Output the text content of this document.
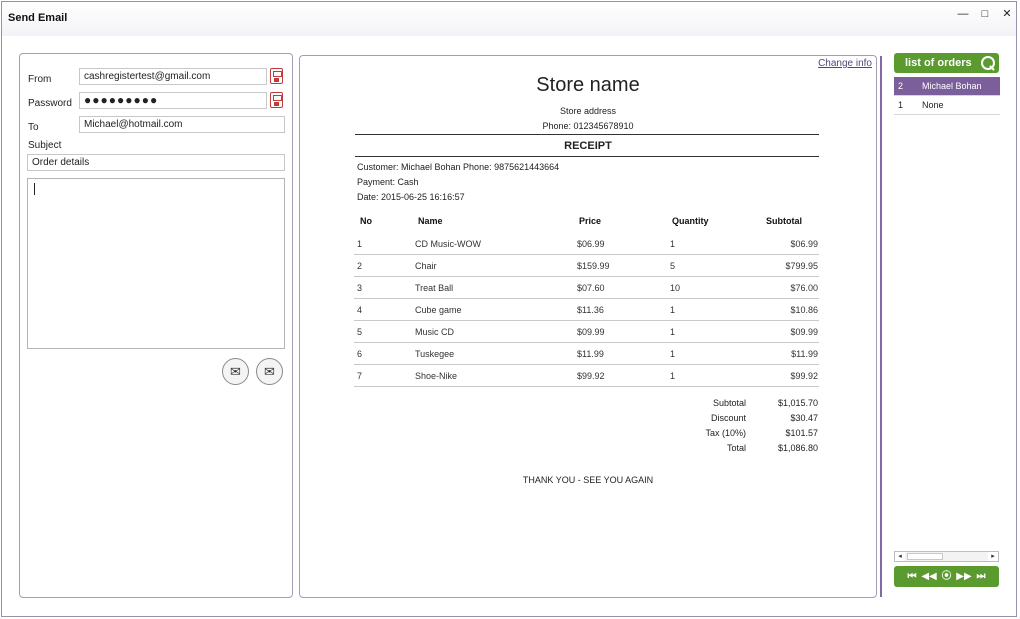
Send Email	—	□	✕
From	cashregistertest@gmail.com
Password	●●●●●●●●●
To	Michael@hotmail.com
Subject
Order details
✉	✉
Change info
Store name
Store address
Phone: 012345678910
RECEIPT
Customer: Michael Bohan Phone: 9875621443664
Payment: Cash
Date: 2015-06-25 16:16:57
No	Name	Price	Quantity	Subtotal
1	CD Music-WOW	$06.99	1	$06.99
2	Chair	$159.99	5	$799.95
3	Treat Ball	$07.60	10	$76.00
4	Cube game	$11.36	1	$10.86
5	Music CD	$09.99	1	$09.99
6	Tuskegee	$11.99	1	$11.99
7	Shoe-Nike	$99.92	1	$99.92
Subtotal	$1,015.70
Discount	$30.47
Tax (10%)	$101.57
Total	$1,086.80
THANK YOU - SEE YOU AGAIN
list of orders
2 Michael Bohan
1 None
◂	▸
⏮ ◀◀ ⦿ ▶▶ ⏭
